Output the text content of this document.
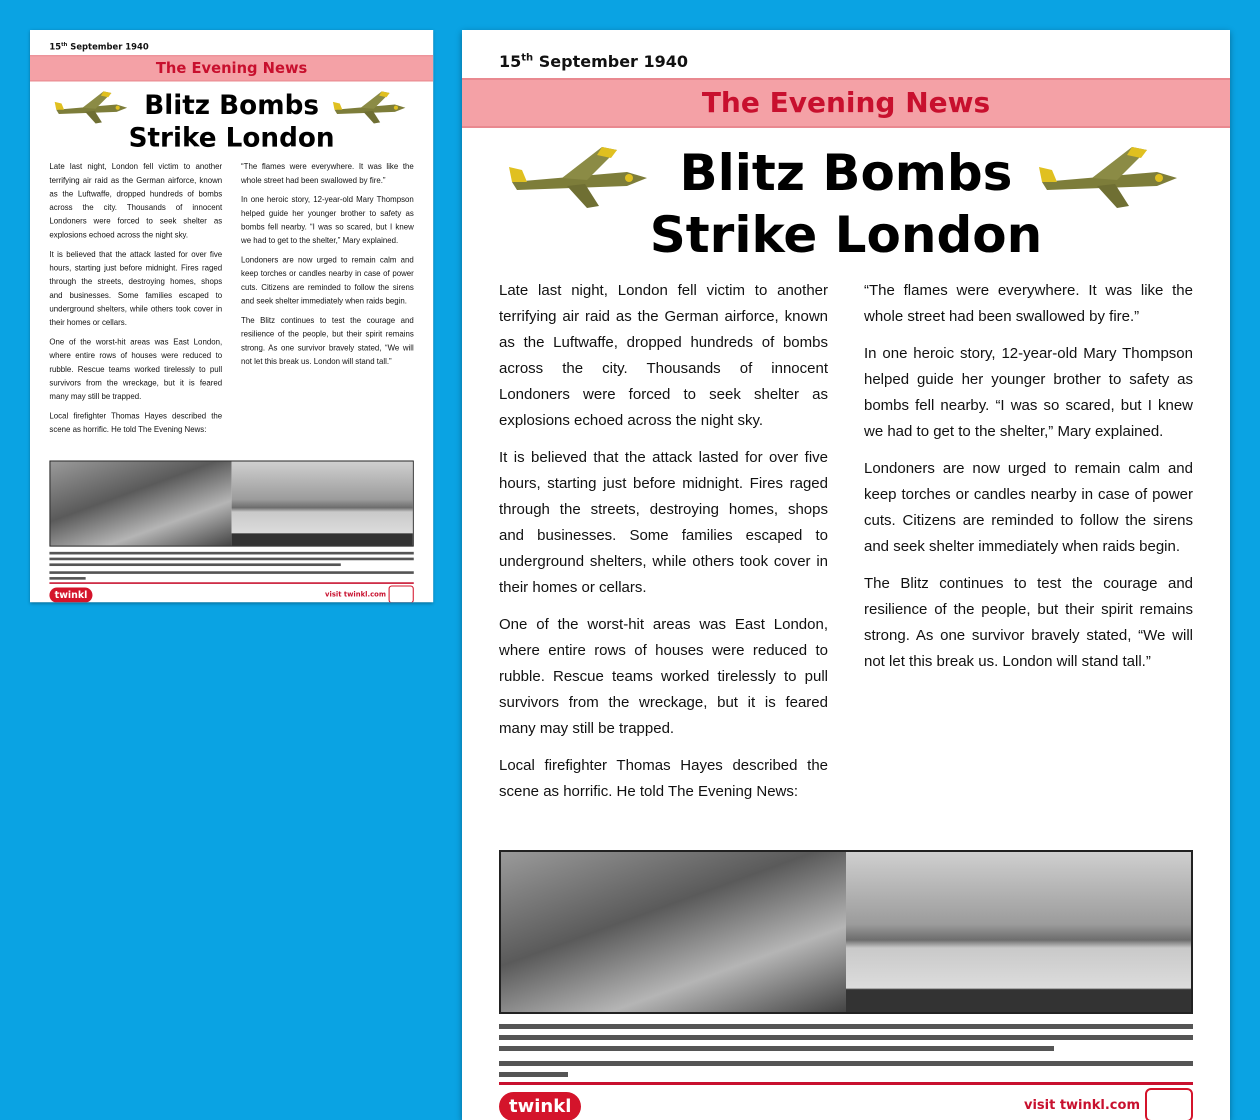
15th September 1940
The Evening News
Blitz Bombs
Strike London

Late last night, London fell victim to another terrifying air raid as the German airforce, known as the Luftwaffe, dropped hundreds of bombs across the city. Thousands of innocent Londoners were forced to seek shelter as explosions echoed across the night sky.

It is believed that the attack lasted for over five hours, starting just before midnight. Fires raged through the streets, destroying homes, shops and businesses. Some families escaped to underground shelters, while others took cover in their homes or cellars.

One of the worst-hit areas was East London, where entire rows of houses were reduced to rubble. Rescue teams worked tirelessly to pull survivors from the wreckage, but it is feared many may still be trapped.

Local firefighter Thomas Hayes described the scene as horrific. He told The Evening News:

“The flames were everywhere. It was like the whole street had been swallowed by fire.”

In one heroic story, 12-year-old Mary Thompson helped guide her younger brother to safety as bombs fell nearby. “I was so scared, but I knew we had to get to the shelter,” Mary explained.

Londoners are now urged to remain calm and keep torches or candles nearby in case of power cuts. Citizens are reminded to follow the sirens and seek shelter immediately when raids begin.

The Blitz continues to test the courage and resilience of the people, but their spirit remains strong. As one survivor bravely stated, “We will not let this break us. London will stand tall.”

twinkl	visit twinkl.com
15th September 1940
The Evening News
Blitz Bombs
Strike London

Late last night, London fell victim to another terrifying air raid as the German airforce, known as the Luftwaffe, dropped hundreds of bombs across the city. Thousands of innocent Londoners were forced to seek shelter as explosions echoed across the night sky.

It is believed that the attack lasted for over five hours, starting just before midnight. Fires raged through the streets, destroying homes, shops and businesses. Some families escaped to underground shelters, while others took cover in their homes or cellars.

One of the worst-hit areas was East London, where entire rows of houses were reduced to rubble. Rescue teams worked tirelessly to pull survivors from the wreckage, but it is feared many may still be trapped.

Local firefighter Thomas Hayes described the scene as horrific. He told The Evening News:

“The flames were everywhere. It was like the whole street had been swallowed by fire.”

In one heroic story, 12-year-old Mary Thompson helped guide her younger brother to safety as bombs fell nearby. “I was so scared, but I knew we had to get to the shelter,” Mary explained.

Londoners are now urged to remain calm and keep torches or candles nearby in case of power cuts. Citizens are reminded to follow the sirens and seek shelter immediately when raids begin.

The Blitz continues to test the courage and resilience of the people, but their spirit remains strong. As one survivor bravely stated, “We will not let this break us. London will stand tall.”

twinkl	visit twinkl.com
